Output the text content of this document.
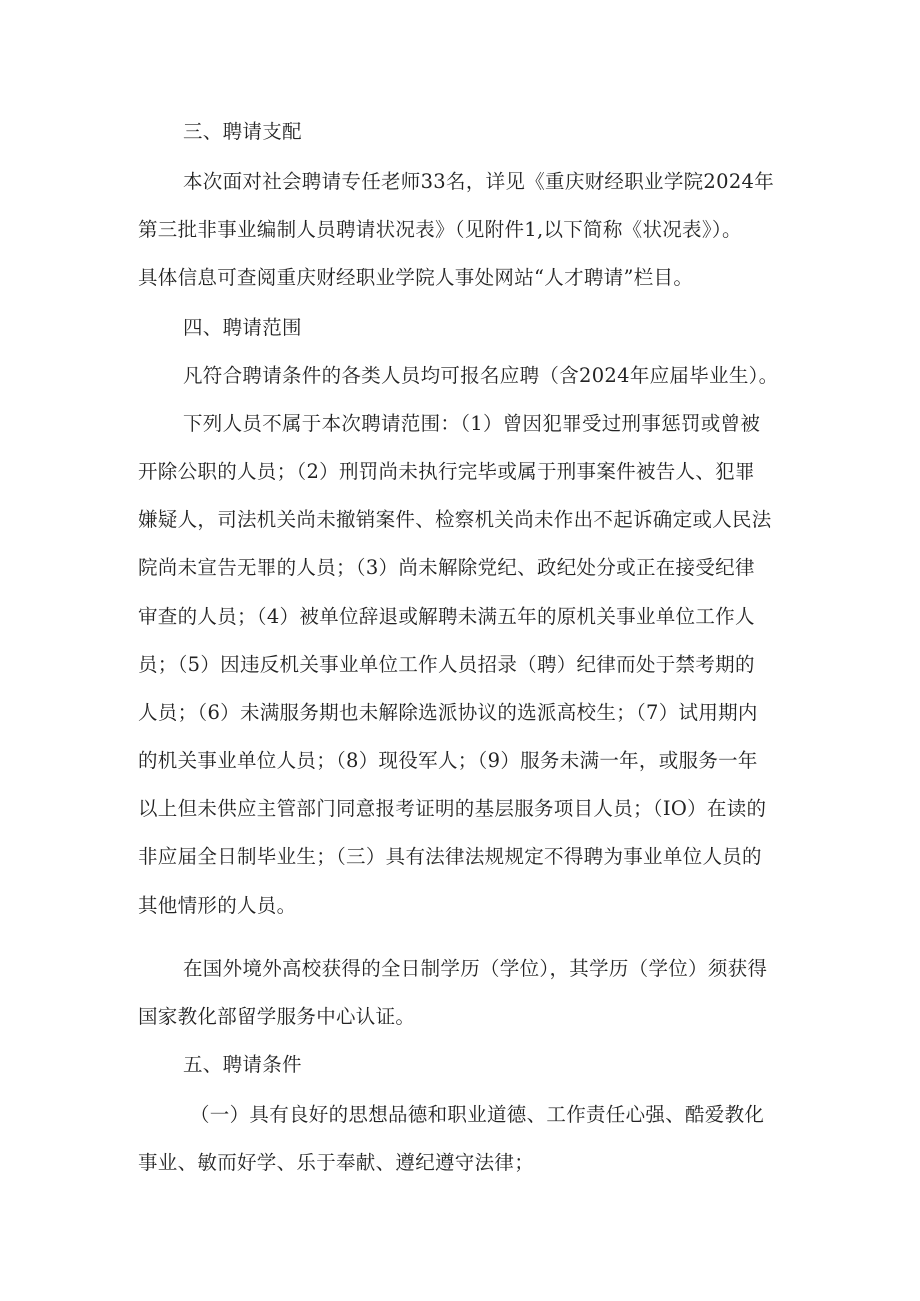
三、聘请支配
本次面对社会聘请专任老师33名，详见《重庆财经职业学院2024年
第三批非事业编制人员聘请状况表》（见附件1,以下简称《状况表》）。
具体信息可查阅重庆财经职业学院人事处网站“人才聘请”栏目。
四、聘请范围
凡符合聘请条件的各类人员均可报名应聘（含2024年应届毕业生）。
下列人员不属于本次聘请范围：（1）曾因犯罪受过刑事惩罚或曾被
开除公职的人员；（2）刑罚尚未执行完毕或属于刑事案件被告人、犯罪
嫌疑人，司法机关尚未撤销案件、检察机关尚未作出不起诉确定或人民法
院尚未宣告无罪的人员；（3）尚未解除党纪、政纪处分或正在接受纪律
审查的人员；（4）被单位辞退或解聘未满五年的原机关事业单位工作人
员；（5）因违反机关事业单位工作人员招录（聘）纪律而处于禁考期的
人员；（6）未满服务期也未解除选派协议的选派高校生；（7）试用期内
的机关事业单位人员；（8）现役军人；（9）服务未满一年，或服务一年
以上但未供应主管部门同意报考证明的基层服务项目人员；（IO）在读的
非应届全日制毕业生；（三）具有法律法规规定不得聘为事业单位人员的
其他情形的人员。
在国外境外高校获得的全日制学历（学位），其学历（学位）须获得
国家教化部留学服务中心认证。
五、聘请条件
（一）具有良好的思想品德和职业道德、工作责任心强、酷爱教化
事业、敏而好学、乐于奉献、遵纪遵守法律；
